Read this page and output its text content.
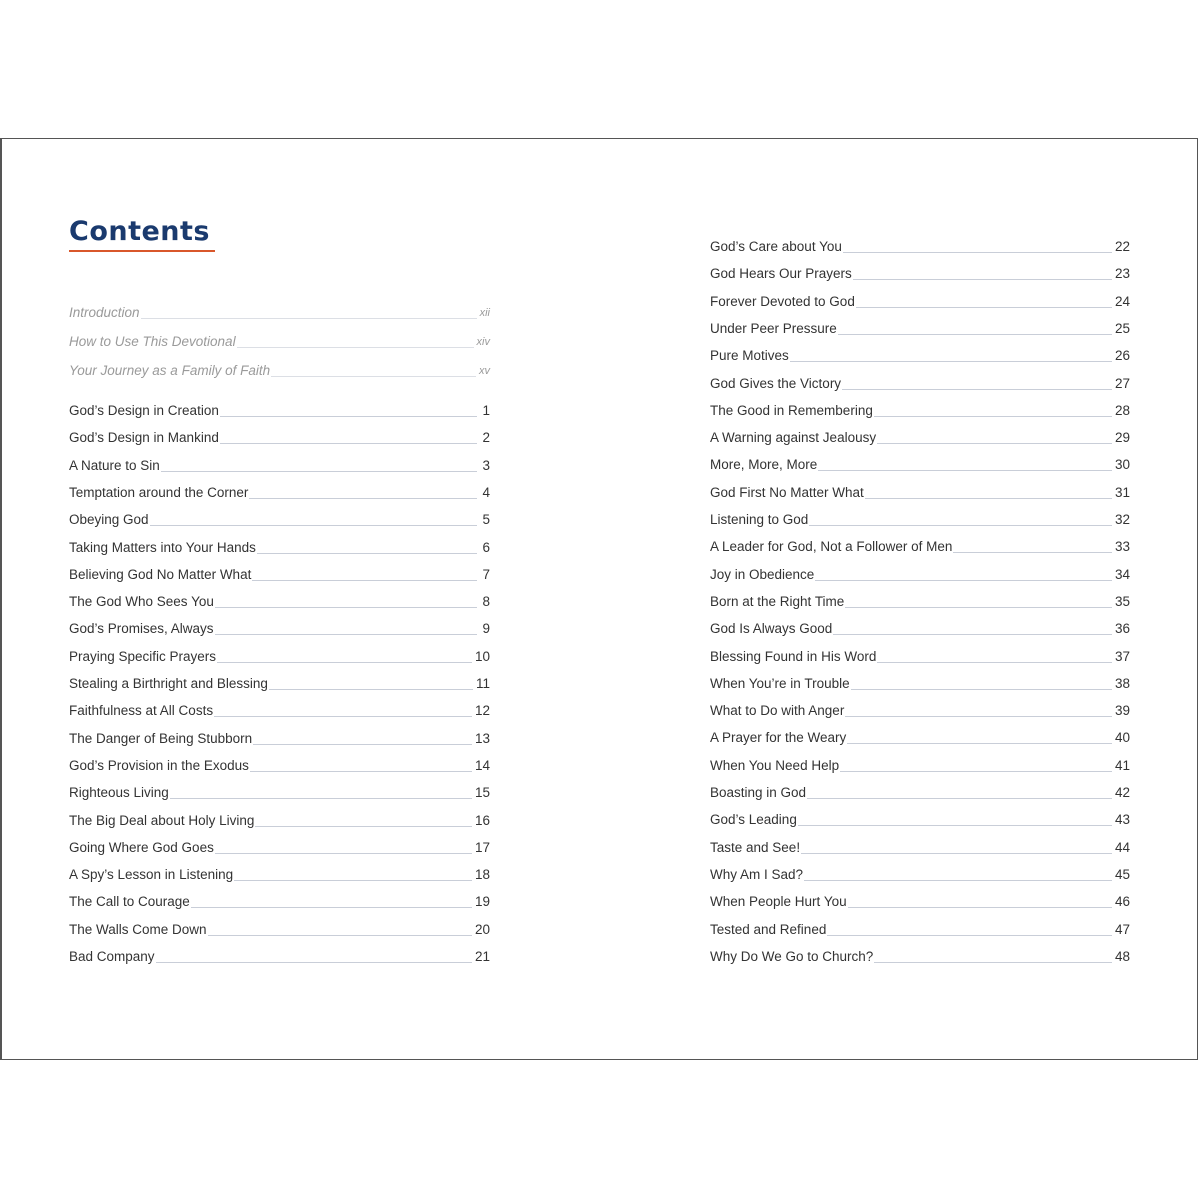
Contents
Introduction	xii
How to Use This Devotional	xiv
Your Journey as a Family of Faith	xv
God’s Design in Creation	1
God’s Design in Mankind	2
A Nature to Sin	3
Temptation around the Corner	4
Obeying God	5
Taking Matters into Your Hands	6
Believing God No Matter What	7
The God Who Sees You	8
God’s Promises, Always	9
Praying Specific Prayers	10
Stealing a Birthright and Blessing	11
Faithfulness at All Costs	12
The Danger of Being Stubborn	13
God’s Provision in the Exodus	14
Righteous Living	15
The Big Deal about Holy Living	16
Going Where God Goes	17
A Spy’s Lesson in Listening	18
The Call to Courage	19
The Walls Come Down	20
Bad Company	21
God’s Care about You	22
God Hears Our Prayers	23
Forever Devoted to God	24
Under Peer Pressure	25
Pure Motives	26
God Gives the Victory	27
The Good in Remembering	28
A Warning against Jealousy	29
More, More, More	30
God First No Matter What	31
Listening to God	32
A Leader for God, Not a Follower of Men	33
Joy in Obedience	34
Born at the Right Time	35
God Is Always Good	36
Blessing Found in His Word	37
When You’re in Trouble	38
What to Do with Anger	39
A Prayer for the Weary	40
When You Need Help	41
Boasting in God	42
God’s Leading	43
Taste and See!	44
Why Am I Sad?	45
When People Hurt You	46
Tested and Refined	47
Why Do We Go to Church?	48
